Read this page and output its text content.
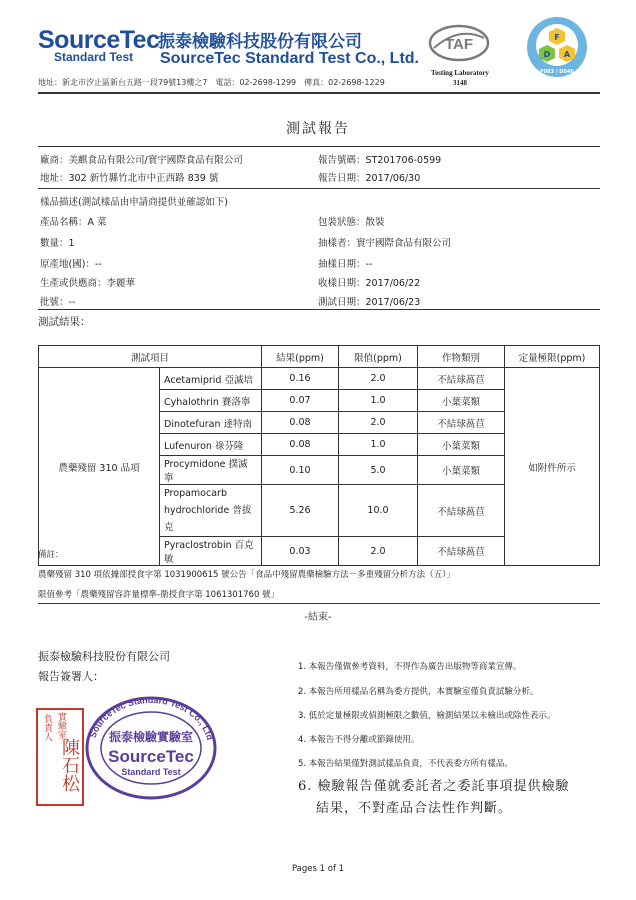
SourceTec
Standard Test
振泰檢驗科技股份有限公司
SourceTec Standard Test Co., Ltd.
地址：新北市汐止區新台五路一段79號13樓之7　電話：02-2698-1299　傳真：02-2698-1229
TAF
Testing Laboratory
3148
F
D A
F083 / D046
測試報告
廠商：美麒食品有限公司/寰宇國際食品有限公司	報告號碼：ST201706-0599
地址：302 新竹縣竹北市中正西路 839 號	報告日期：2017/06/30
樣品描述(測試樣品由申請商提供並確認如下)
產品名稱：A 菜	包裝狀態：散裝
數量：1	抽樣者：寰宇國際食品有限公司
原產地(國)：--	抽樣日期：--
生產或供應商：李麗華	收樣日期：2017/06/22
批號：--	測試日期：2017/06/23
測試結果：
測試項目		結果(ppm)	限值(ppm)	作物類別	定量極限(ppm)
農藥殘留 310 品項	Acetamiprid 亞滅培	0.16	2.0	不結球萵苣	如附件所示
	Cyhalothrin 賽洛寧	0.07	1.0	小葉菜類	
	Dinotefuran 達特南	0.08	2.0	不結球萵苣	
	Lufenuron 祿芬隆	0.08	1.0	小葉菜類	
	Procymidone 撲滅寧	0.10	5.0	小葉菜類	

	Propamocarb
hydrochloride 普拔克	5.26	10.0	不結球萵苣	
	Pyraclostrobin 百克敏	0.03	2.0	不結球萵苣	
備註：
農藥殘留 310 項依據部授食字第 1031900615 號公告「食品中殘留農藥檢驗方法－多重殘留分析方法（五）」
限值參考「農藥殘留容許量標準-衛授食字第 1061301760 號」
-結束-
振泰檢驗科技股份有限公司
報告簽署人：
負責人 實驗室
陳石松
SourceTec Standard Test Co., Ltd
振泰檢驗實驗室
SourceTec
Standard Test
1. 本報告僅做參考資料，不得作為廣告出版物等商業宣傳。
2. 本報告所用樣品名稱為委方提供，本實驗室僅負責試驗分析。
3. 低於定量極限或偵測極限之數值，檢測結果以未檢出或除性表示。
4. 本報告不得分離或節錄使用。
5. 本報告結果僅對測試樣品負責，不代表委方所有樣品。
6. 檢驗報告僅就委託者之委託事項提供檢驗
結果，不對產品合法性作判斷。
Pages 1 of 1
